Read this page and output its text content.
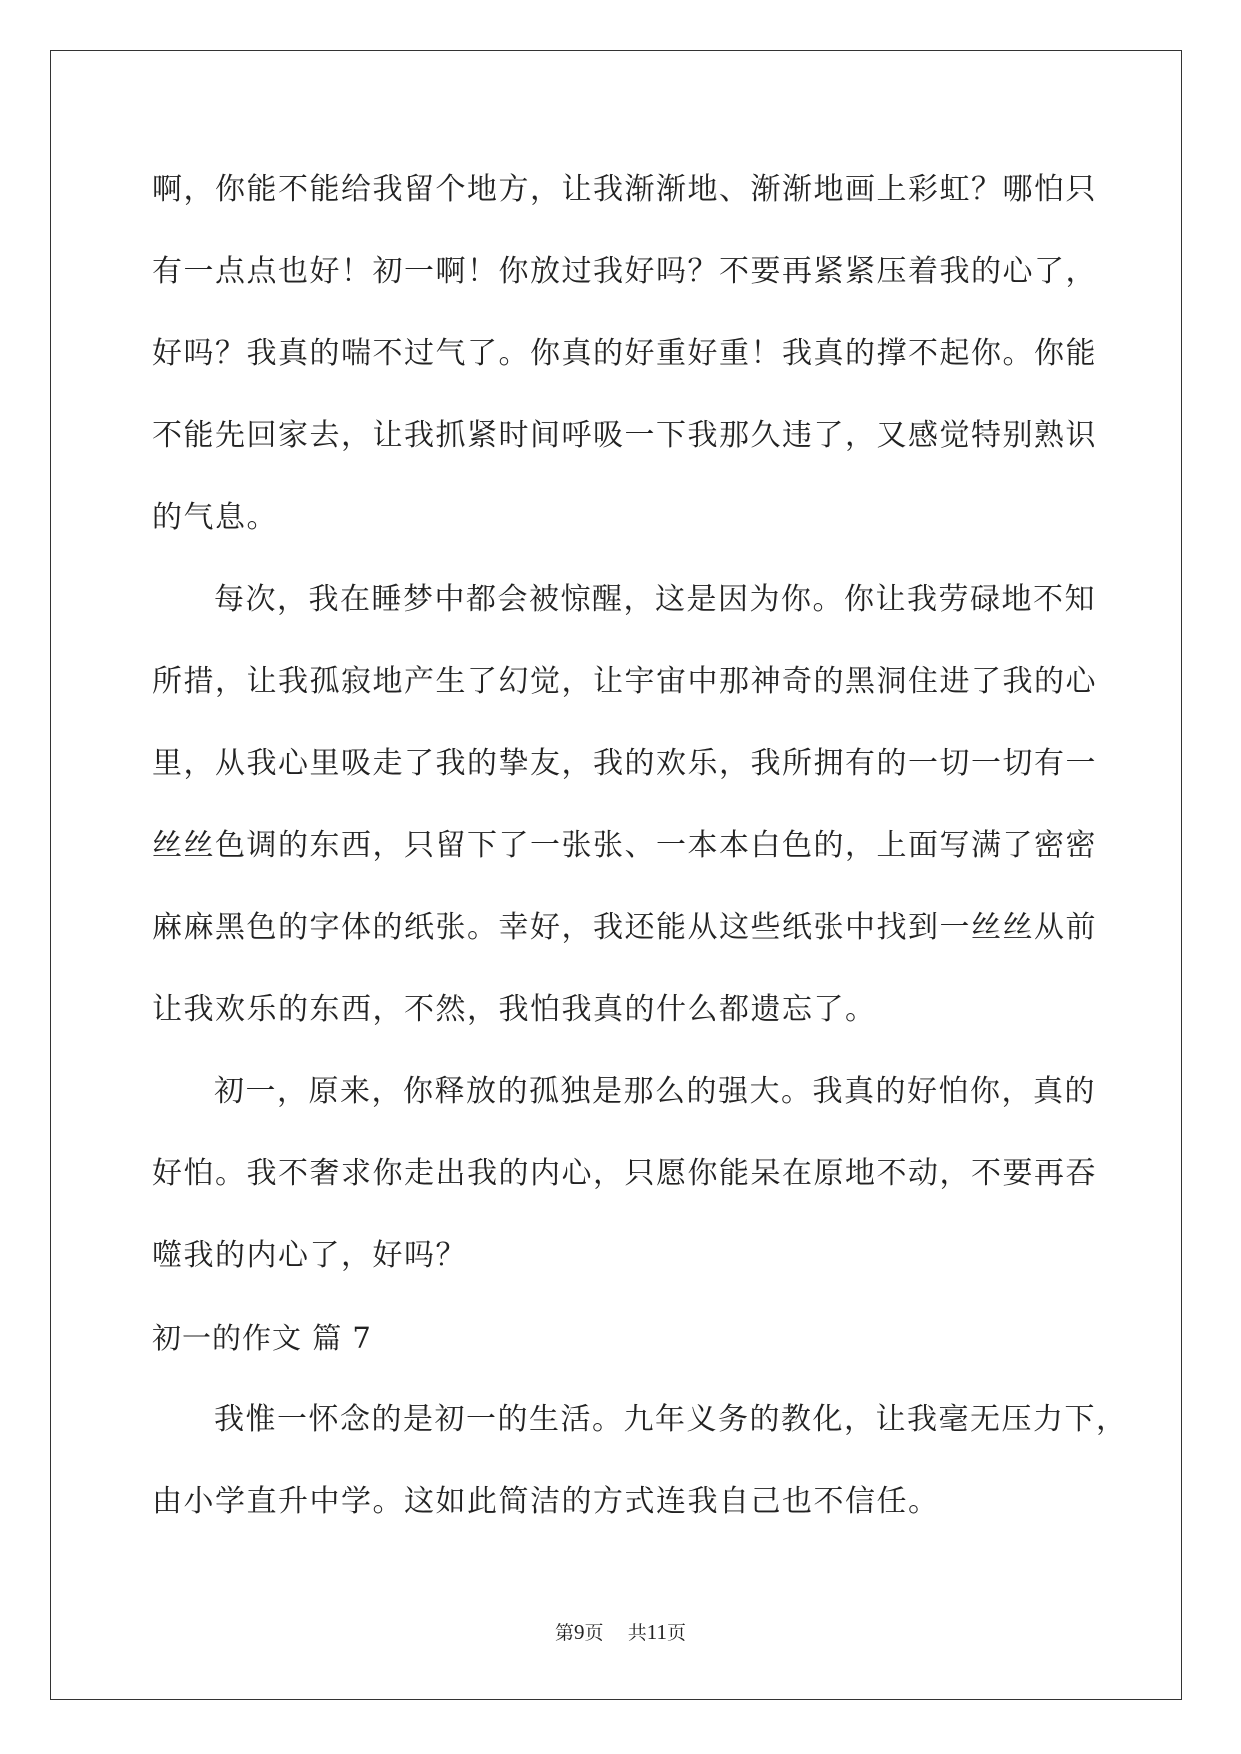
啊，你能不能给我留个地方，让我渐渐地、渐渐地画上彩虹？哪怕只
有一点点也好！初一啊！你放过我好吗？不要再紧紧压着我的心了，
好吗？我真的喘不过气了。你真的好重好重！我真的撑不起你。你能
不能先回家去，让我抓紧时间呼吸一下我那久违了，又感觉特别熟识
的气息。
每次，我在睡梦中都会被惊醒，这是因为你。你让我劳碌地不知
所措，让我孤寂地产生了幻觉，让宇宙中那神奇的黑洞住进了我的心
里，从我心里吸走了我的挚友，我的欢乐，我所拥有的一切一切有一
丝丝色调的东西，只留下了一张张、一本本白色的，上面写满了密密
麻麻黑色的字体的纸张。幸好，我还能从这些纸张中找到一丝丝从前
让我欢乐的东西，不然，我怕我真的什么都遗忘了。
初一，原来，你释放的孤独是那么的强大。我真的好怕你，真的
好怕。我不奢求你走出我的内心，只愿你能呆在原地不动，不要再吞
噬我的内心了，好吗？
初一的作文 篇 7
我惟一怀念的是初一的生活。九年义务的教化，让我毫无压力下，
由小学直升中学。这如此简洁的方式连我自己也不信任。
第9页 共11页
